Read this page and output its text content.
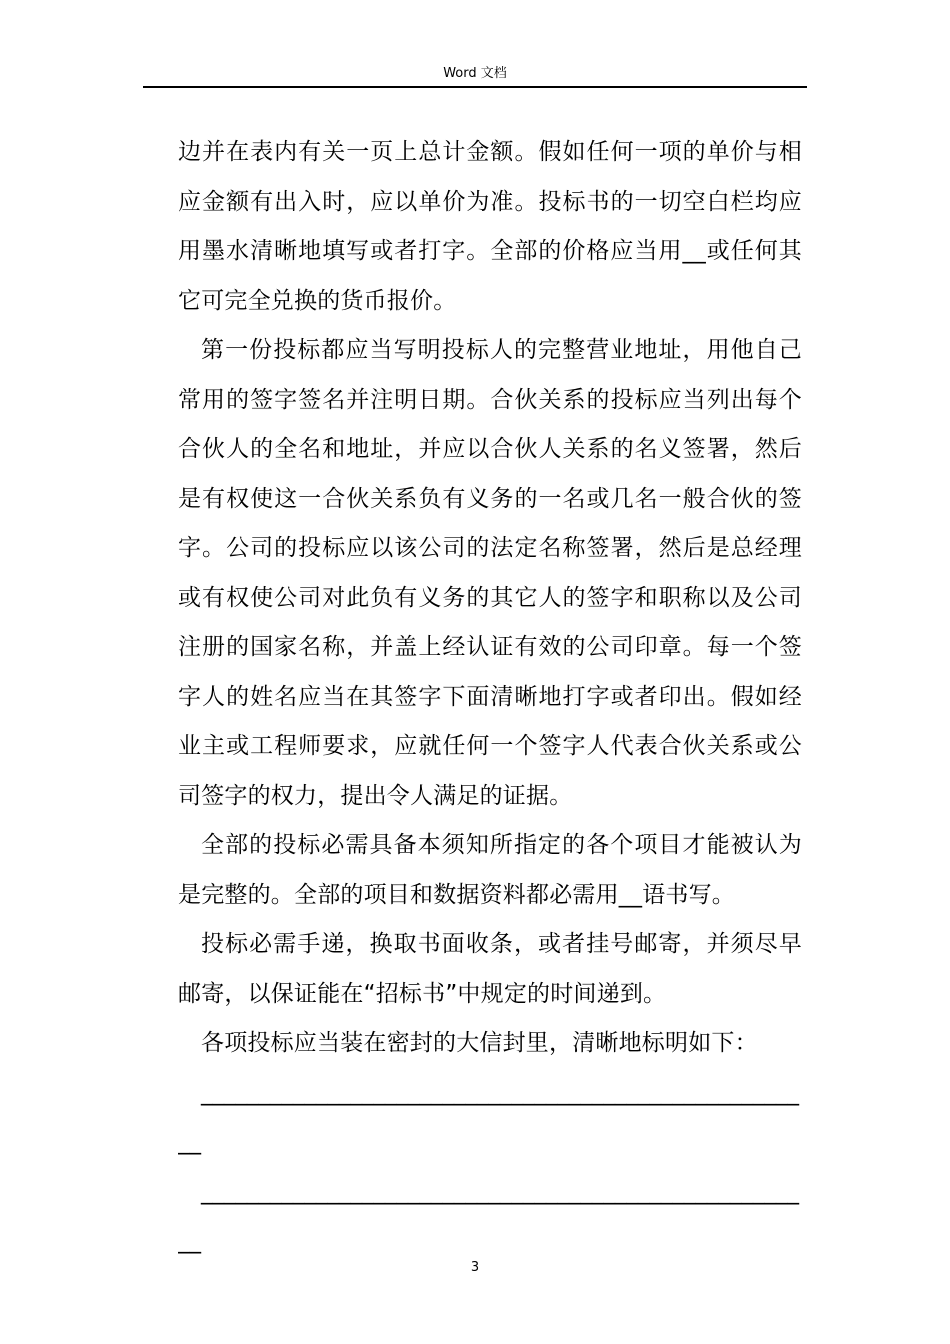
Word 文档

边并在表内有关一页上总计金额。假如任何一项的单价与相应金额有出入时，应以单价为准。投标书的一切空白栏均应用墨水清晰地填写或者打字。全部的价格应当用__或任何其它可完全兑换的货币报价。

第一份投标都应当写明投标人的完整营业地址，用他自己常用的签字签名并注明日期。合伙关系的投标应当列出每个合伙人的全名和地址，并应以合伙人关系的名义签署，然后是有权使这一合伙关系负有义务的一名或几名一般合伙的签字。公司的投标应以该公司的法定名称签署，然后是总经理或有权使公司对此负有义务的其它人的签字和职称以及公司注册的国家名称，并盖上经认证有效的公司印章。每一个签字人的姓名应当在其签字下面清晰地打字或者印出。假如经业主或工程师要求，应就任何一个签字人代表合伙关系或公司签字的权力，提出令人满足的证据。

全部的投标必需具备本须知所指定的各个项目才能被认为是完整的。全部的项目和数据资料都必需用__语书写。

投标必需手递，换取书面收条，或者挂号邮寄，并须尽早邮寄，以保证能在“招标书”中规定的时间递到。

各项投标应当装在密封的大信封里，清晰地标明如下：

____________________________________________________

__

____________________________________________________

__

3
